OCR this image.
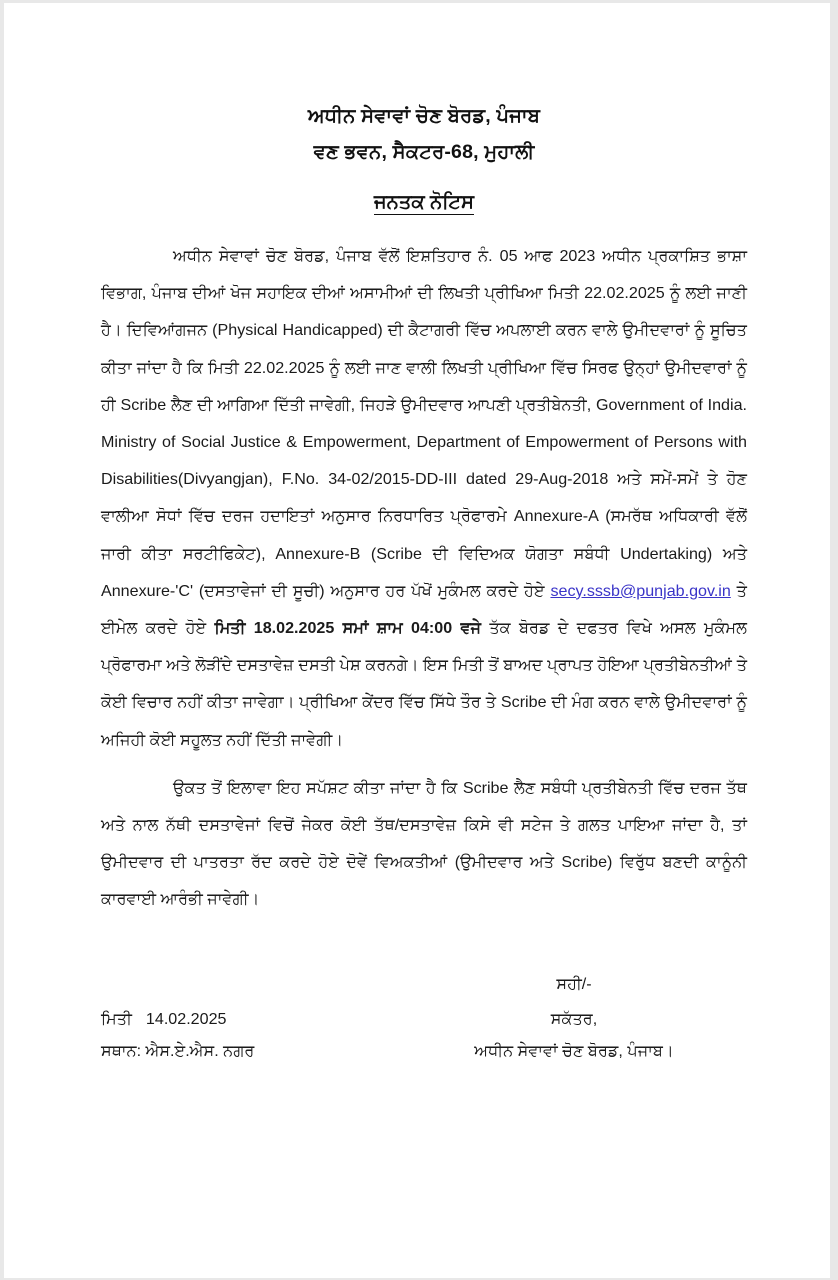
ਅਧੀਨ ਸੇਵਾਵਾਂ ਚੋਣ ਬੋਰਡ, ਪੰਜਾਬ
ਵਣ ਭਵਨ, ਸੈਕਟਰ-68, ਮੁਹਾਲੀ
ਜਨਤਕ ਨੋਟਿਸ

ਅਧੀਨ ਸੇਵਾਵਾਂ ਚੋਣ ਬੋਰਡ, ਪੰਜਾਬ ਵੱਲੋਂ ਇਸ਼ਤਿਹਾਰ ਨੰ. 05 ਆਫ 2023 ਅਧੀਨ ਪ੍ਰਕਾਸ਼ਿਤ ਭਾਸ਼ਾ ਵਿਭਾਗ, ਪੰਜਾਬ ਦੀਆਂ ਖੋਜ ਸਹਾਇਕ ਦੀਆਂ ਅਸਾਮੀਆਂ ਦੀ ਲਿਖਤੀ ਪ੍ਰੀਖਿਆ ਮਿਤੀ 22.02.2025 ਨੂੰ ਲਈ ਜਾਣੀ ਹੈ। ਦਿਵਿਆਂਗਜਨ (Physical Handicapped) ਦੀ ਕੈਟਾਗਰੀ ਵਿੱਚ ਅਪਲਾਈ ਕਰਨ ਵਾਲੇ ਉਮੀਦਵਾਰਾਂ ਨੂੰ ਸੂਚਿਤ ਕੀਤਾ ਜਾਂਦਾ ਹੈ ਕਿ ਮਿਤੀ 22.02.2025 ਨੂੰ ਲਈ ਜਾਣ ਵਾਲੀ ਲਿਖਤੀ ਪ੍ਰੀਖਿਆ ਵਿੱਚ ਸਿਰਫ ਉਨ੍ਹਾਂ ਉਮੀਦਵਾਰਾਂ ਨੂੰ ਹੀ Scribe ਲੈਣ ਦੀ ਆਗਿਆ ਦਿੱਤੀ ਜਾਵੇਗੀ, ਜਿਹੜੇ ਉਮੀਦਵਾਰ ਆਪਣੀ ਪ੍ਰਤੀਬੇਨਤੀ, Government of India. Ministry of Social Justice & Empowerment, Department of Empowerment of Persons with Disabilities(Divyangjan), F.No. 34-02/2015-DD-III dated 29-Aug-2018 ਅਤੇ ਸਮੇਂ-ਸਮੇਂ ਤੇ ਹੋਣ ਵਾਲੀਆ ਸੋਧਾਂ ਵਿੱਚ ਦਰਜ ਹਦਾਇਤਾਂ ਅਨੁਸਾਰ ਨਿਰਧਾਰਿਤ ਪ੍ਰੋਫਾਰਮੇ Annexure-A (ਸਮਰੱਥ ਅਧਿਕਾਰੀ ਵੱਲੋਂ ਜਾਰੀ ਕੀਤਾ ਸਰਟੀਫਿਕੇਟ), Annexure-B (Scribe ਦੀ ਵਿਦਿਅਕ ਯੋਗਤਾ ਸਬੰਧੀ Undertaking) ਅਤੇ Annexure-'C' (ਦਸਤਾਵੇਜਾਂ ਦੀ ਸੂਚੀ) ਅਨੁਸਾਰ ਹਰ ਪੱਖੋਂ ਮੁਕੰਮਲ ਕਰਦੇ ਹੋਏ secy.sssb@punjab.gov.in ਤੇ ਈਮੇਲ ਕਰਦੇ ਹੋਏ ਮਿਤੀ 18.02.2025 ਸਮਾਂ ਸ਼ਾਮ 04:00 ਵਜੇ ਤੱਕ ਬੋਰਡ ਦੇ ਦਫਤਰ ਵਿਖੇ ਅਸਲ ਮੁਕੰਮਲ ਪ੍ਰੋਫਾਰਮਾ ਅਤੇ ਲੋੜੀਂਦੇ ਦਸਤਾਵੇਜ਼ ਦਸਤੀ ਪੇਸ਼ ਕਰਨਗੇ। ਇਸ ਮਿਤੀ ਤੋਂ ਬਾਅਦ ਪ੍ਰਾਪਤ ਹੋਇਆ ਪ੍ਰਤੀਬੇਨਤੀਆਂ ਤੇ ਕੋਈ ਵਿਚਾਰ ਨਹੀਂ ਕੀਤਾ ਜਾਵੇਗਾ। ਪ੍ਰੀਖਿਆ ਕੇਂਦਰ ਵਿੱਚ ਸਿੱਧੇ ਤੌਰ ਤੇ Scribe ਦੀ ਮੰਗ ਕਰਨ ਵਾਲੇ ਉਮੀਦਵਾਰਾਂ ਨੂੰ ਅਜਿਹੀ ਕੋਈ ਸਹੂਲਤ ਨਹੀਂ ਦਿੱਤੀ ਜਾਵੇਗੀ।

ਉਕਤ ਤੋਂ ਇਲਾਵਾ ਇਹ ਸਪੱਸ਼ਟ ਕੀਤਾ ਜਾਂਦਾ ਹੈ ਕਿ Scribe ਲੈਣ ਸਬੰਧੀ ਪ੍ਰਤੀਬੇਨਤੀ ਵਿੱਚ ਦਰਜ ਤੱਥ ਅਤੇ ਨਾਲ ਨੱਥੀ ਦਸਤਾਵੇਜਾਂ ਵਿਚੋਂ ਜੇਕਰ ਕੋਈ ਤੱਥ/ਦਸਤਾਵੇਜ਼ ਕਿਸੇ ਵੀ ਸਟੇਜ ਤੇ ਗਲਤ ਪਾਇਆ ਜਾਂਦਾ ਹੈ, ਤਾਂ ਉਮੀਦਵਾਰ ਦੀ ਪਾਤਰਤਾ ਰੱਦ ਕਰਦੇ ਹੋਏ ਦੋਵੇਂ ਵਿਅਕਤੀਆਂ (ਉਮੀਦਵਾਰ ਅਤੇ Scribe) ਵਿਰੁੱਧ ਬਣਦੀ ਕਾਨੂੰਨੀ ਕਾਰਵਾਈ ਆਰੰਭੀ ਜਾਵੇਗੀ।

ਸਹੀ/-
ਮਿਤੀ 14.02.2025
ਸਥਾਨ: ਐਸ.ਏ.ਐਸ. ਨਗਰ
ਸਕੱਤਰ,
ਅਧੀਨ ਸੇਵਾਵਾਂ ਚੋਣ ਬੋਰਡ, ਪੰਜਾਬ।
